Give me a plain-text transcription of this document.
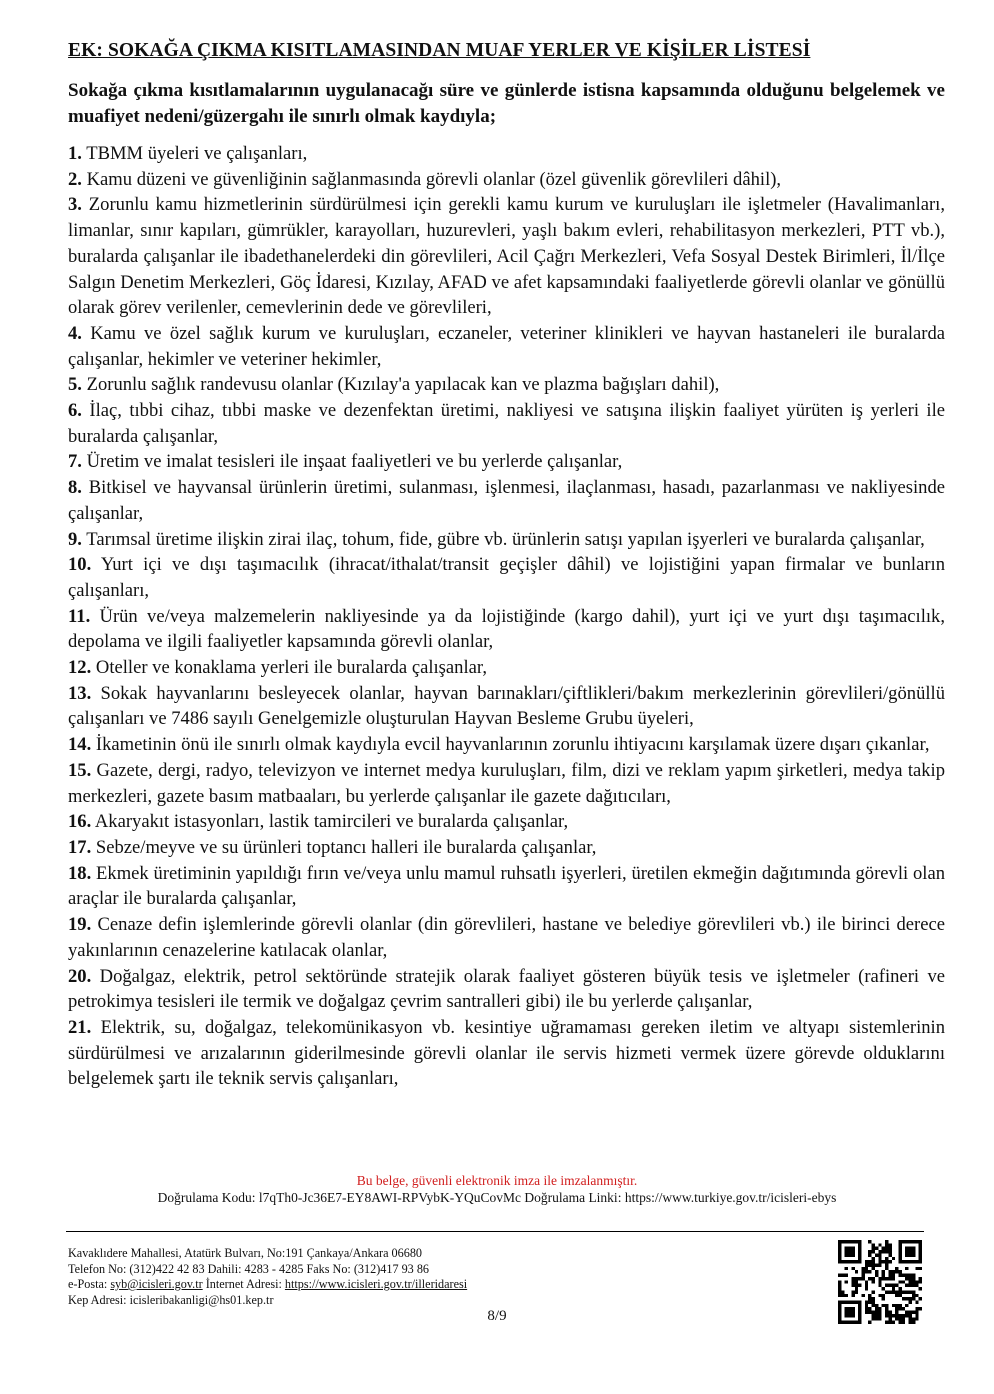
EK: SOKAĞA ÇIKMA KISITLAMASINDAN MUAF YERLER VE KİŞİLER LİSTESİ
Sokağa çıkma kısıtlamalarının uygulanacağı süre ve günlerde istisna kapsamında olduğunu belgelemek ve muafiyet nedeni/güzergahı ile sınırlı olmak kaydıyla;

1. TBMM üyeleri ve çalışanları,

2. Kamu düzeni ve güvenliğinin sağlanmasında görevli olanlar (özel güvenlik görevlileri dâhil),

3. Zorunlu kamu hizmetlerinin sürdürülmesi için gerekli kamu kurum ve kuruluşları ile işletmeler (Havalimanları, limanlar, sınır kapıları, gümrükler, karayolları, huzurevleri, yaşlı bakım evleri, rehabilitasyon merkezleri, PTT vb.), buralarda çalışanlar ile ibadethanelerdeki din görevlileri, Acil Çağrı Merkezleri, Vefa Sosyal Destek Birimleri, İl/İlçe Salgın Denetim Merkezleri, Göç İdaresi, Kızılay, AFAD ve afet kapsamındaki faaliyetlerde görevli olanlar ve gönüllü olarak görev verilenler, cemevlerinin dede ve görevlileri,

4. Kamu ve özel sağlık kurum ve kuruluşları, eczaneler, veteriner klinikleri ve hayvan hastaneleri ile buralarda çalışanlar, hekimler ve veteriner hekimler,

5. Zorunlu sağlık randevusu olanlar (Kızılay'a yapılacak kan ve plazma bağışları dahil),

6. İlaç, tıbbi cihaz, tıbbi maske ve dezenfektan üretimi, nakliyesi ve satışına ilişkin faaliyet yürüten iş yerleri ile buralarda çalışanlar,

7. Üretim ve imalat tesisleri ile inşaat faaliyetleri ve bu yerlerde çalışanlar,

8. Bitkisel ve hayvansal ürünlerin üretimi, sulanması, işlenmesi, ilaçlanması, hasadı, pazarlanması ve nakliyesinde çalışanlar,

9. Tarımsal üretime ilişkin zirai ilaç, tohum, fide, gübre vb. ürünlerin satışı yapılan işyerleri ve buralarda çalışanlar,

10. Yurt içi ve dışı taşımacılık (ihracat/ithalat/transit geçişler dâhil) ve lojistiğini yapan firmalar ve bunların çalışanları,

11. Ürün ve/veya malzemelerin nakliyesinde ya da lojistiğinde (kargo dahil), yurt içi ve yurt dışı taşımacılık, depolama ve ilgili faaliyetler kapsamında görevli olanlar,

12. Oteller ve konaklama yerleri ile buralarda çalışanlar,

13. Sokak hayvanlarını besleyecek olanlar, hayvan barınakları/çiftlikleri/bakım merkezlerinin görevlileri/gönüllü çalışanları ve 7486 sayılı Genelgemizle oluşturulan Hayvan Besleme Grubu üyeleri,

14. İkametinin önü ile sınırlı olmak kaydıyla evcil hayvanlarının zorunlu ihtiyacını karşılamak üzere dışarı çıkanlar,

15. Gazete, dergi, radyo, televizyon ve internet medya kuruluşları, film, dizi ve reklam yapım şirketleri, medya takip merkezleri, gazete basım matbaaları, bu yerlerde çalışanlar ile gazete dağıtıcıları,

16. Akaryakıt istasyonları, lastik tamircileri ve buralarda çalışanlar,

17. Sebze/meyve ve su ürünleri toptancı halleri ile buralarda çalışanlar,

18. Ekmek üretiminin yapıldığı fırın ve/veya unlu mamul ruhsatlı işyerleri, üretilen ekmeğin dağıtımında görevli olan araçlar ile buralarda çalışanlar,

19. Cenaze defin işlemlerinde görevli olanlar (din görevlileri, hastane ve belediye görevlileri vb.) ile birinci derece yakınlarının cenazelerine katılacak olanlar,

20. Doğalgaz, elektrik, petrol sektöründe stratejik olarak faaliyet gösteren büyük tesis ve işletmeler (rafineri ve petrokimya tesisleri ile termik ve doğalgaz çevrim santralleri gibi) ile bu yerlerde çalışanlar,

21. Elektrik, su, doğalgaz, telekomünikasyon vb. kesintiye uğramaması gereken iletim ve altyapı sistemlerinin sürdürülmesi ve arızalarının giderilmesinde görevli olanlar ile servis hizmeti vermek üzere görevde olduklarını belgelemek şartı ile teknik servis çalışanları,

Bu belge, güvenli elektronik imza ile imzalanmıştır.
Doğrulama Kodu: l7qTh0-Jc36E7-EY8AWI-RPVybK-YQuCovMc Doğrulama Linki: https://www.turkiye.gov.tr/icisleri-ebys
Kavaklıdere Mahallesi, Atatürk Bulvarı, No:191 Çankaya/Ankara 06680
Telefon No: (312)422 42 83 Dahili: 4283 - 4285 Faks No: (312)417 93 86
e-Posta: syb@icisleri.gov.tr İnternet Adresi: https://www.icisleri.gov.tr/illeridaresi
Kep Adresi: icisleribakanligi@hs01.kep.tr
8/9
